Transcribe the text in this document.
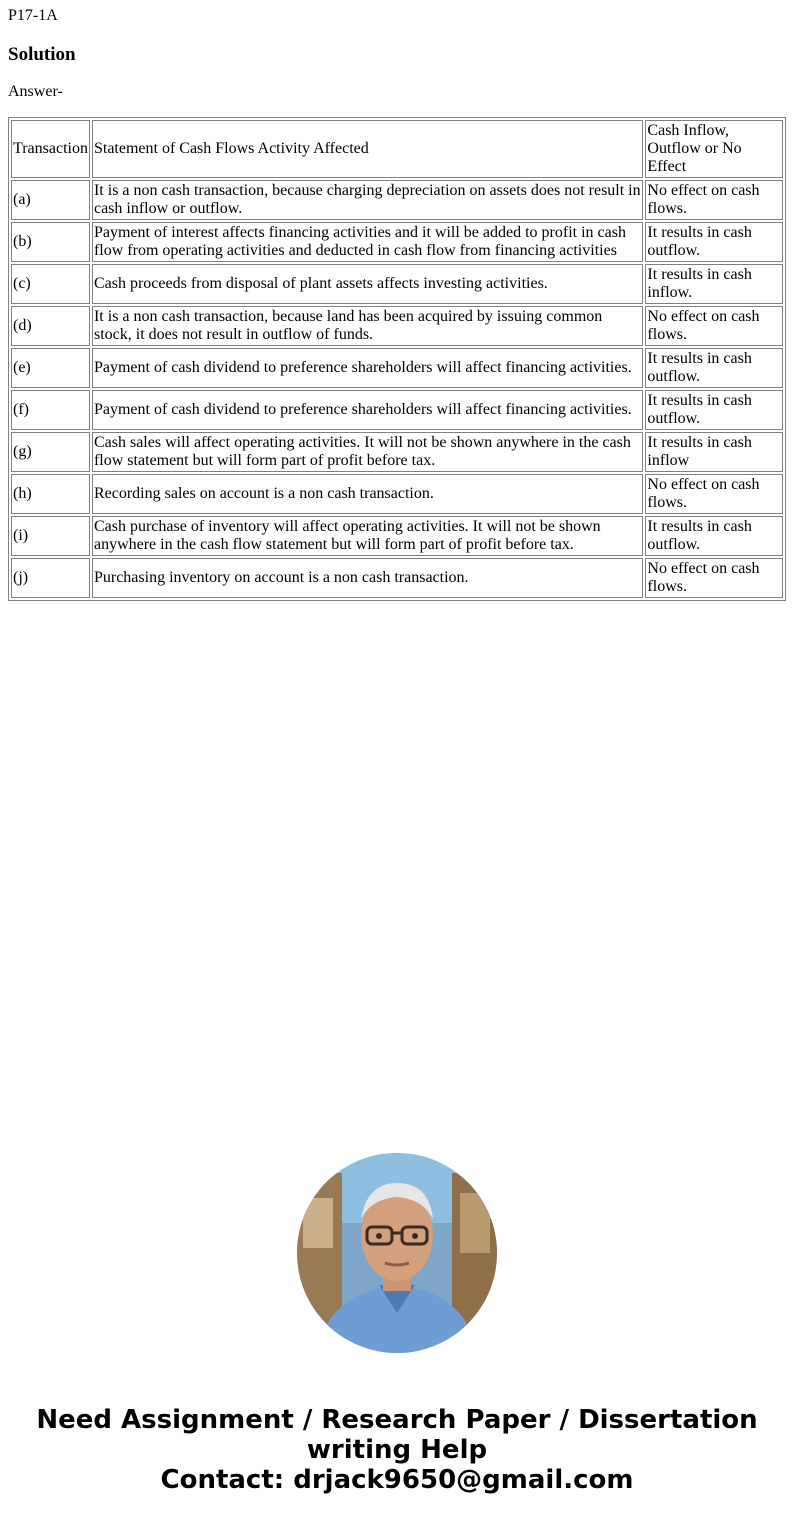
P17-1A
Solution
Answer-
Transaction	Statement of Cash Flows Activity Affected	Cash Inflow, Outflow or No Effect
(a)	It is a non cash transaction, because charging depreciation on assets does not result in cash inflow or outflow.	No effect on cash flows.
(b)	Payment of interest affects financing activities and it will be added to profit in cash flow from operating activities and deducted in cash flow from financing activities	It results in cash outflow.
(c)	Cash proceeds from disposal of plant assets affects investing activities.	It results in cash inflow.
(d)	It is a non cash transaction, because land has been acquired by issuing common stock, it does not result in outflow of funds.	No effect on cash flows.
(e)	Payment of cash dividend to preference shareholders will affect financing activities.	It results in cash outflow.
(f)	Payment of cash dividend to preference shareholders will affect financing activities.	It results in cash outflow.
(g)	Cash sales will affect operating activities. It will not be shown anywhere in the cash flow statement but will form part of profit before tax.	It results in cash inflow
(h)	Recording sales on account is a non cash transaction.	No effect on cash flows.
(i)	Cash purchase of inventory will affect operating activities. It will not be shown anywhere in the cash flow statement but will form part of profit before tax.	It results in cash outflow.
(j)	Purchasing inventory on account is a non cash transaction.	No effect on cash flows.
Need Assignment / Research Paper / Dissertation
writing Help
Contact: drjack9650@gmail.com
